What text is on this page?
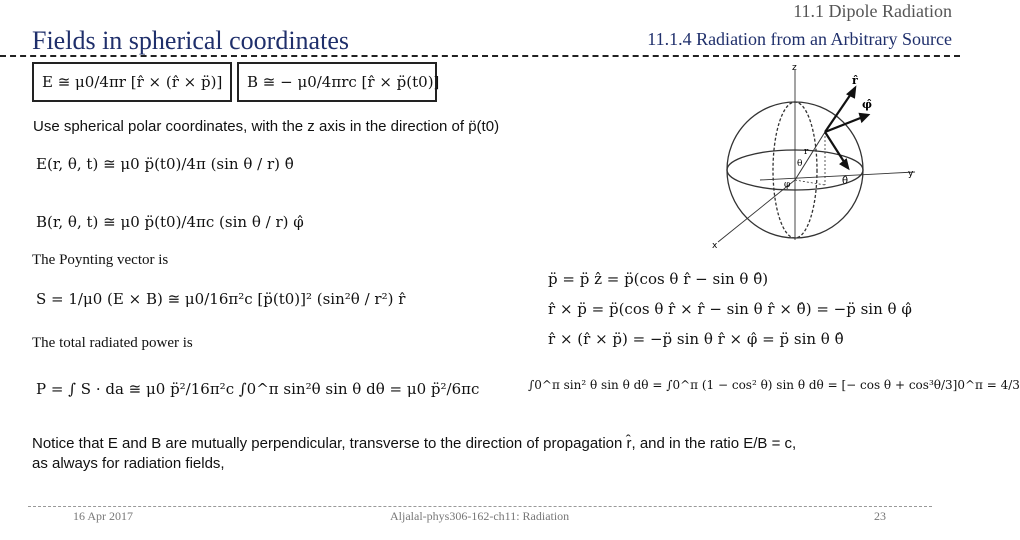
Fields in spherical coordinates
11.1 Dipole Radiation
11.1.4 Radiation from an Arbitrary Source
E ≅ μ0/4πr [r̂ × (r̂ × p̈)] B ≅ − μ0/4πrc [r̂ × p̈(t0)]
Use spherical polar coordinates, with the z axis in the direction of p̈(t0)
E(r, θ, t) ≅ μ0 p̈(t0)/4π (sin θ / r) θ̂
B(r, θ, t) ≅ μ0 p̈(t0)/4πc (sin θ / r) φ̂
The Poynting vector is
S = 1/μ0 (E × B) ≅ μ0/16π²c [p̈(t0)]² (sin²θ / r²) r̂
The total radiated power is
P = ∫ S · da ≅ μ0 p̈²/16π²c ∫0^π sin²θ sin θ dθ = μ0 p̈²/6πc
p̈ = p̈ ẑ = p̈(cos θ r̂ − sin θ θ̂)
r̂ × p̈ = p̈(cos θ r̂ × r̂ − sin θ r̂ × θ̂) = −p̈ sin θ φ̂
r̂ × (r̂ × p̈) = −p̈ sin θ r̂ × φ̂ = p̈ sin θ θ̂
∫0^π sin² θ sin θ dθ = ∫0^π (1 − cos² θ) sin θ dθ = [− cos θ + cos³θ/3]0^π = 4/3
Notice that E and B are mutually perpendicular, transverse to the direction of propagation r̂, and in the ratio E/B = c,
as always for radiation fields,
z
y
x
r̂
φ̂
θ̂
r
θ
φ
16 Apr 2017	Aljalal-phys306-162-ch11: Radiation	23
